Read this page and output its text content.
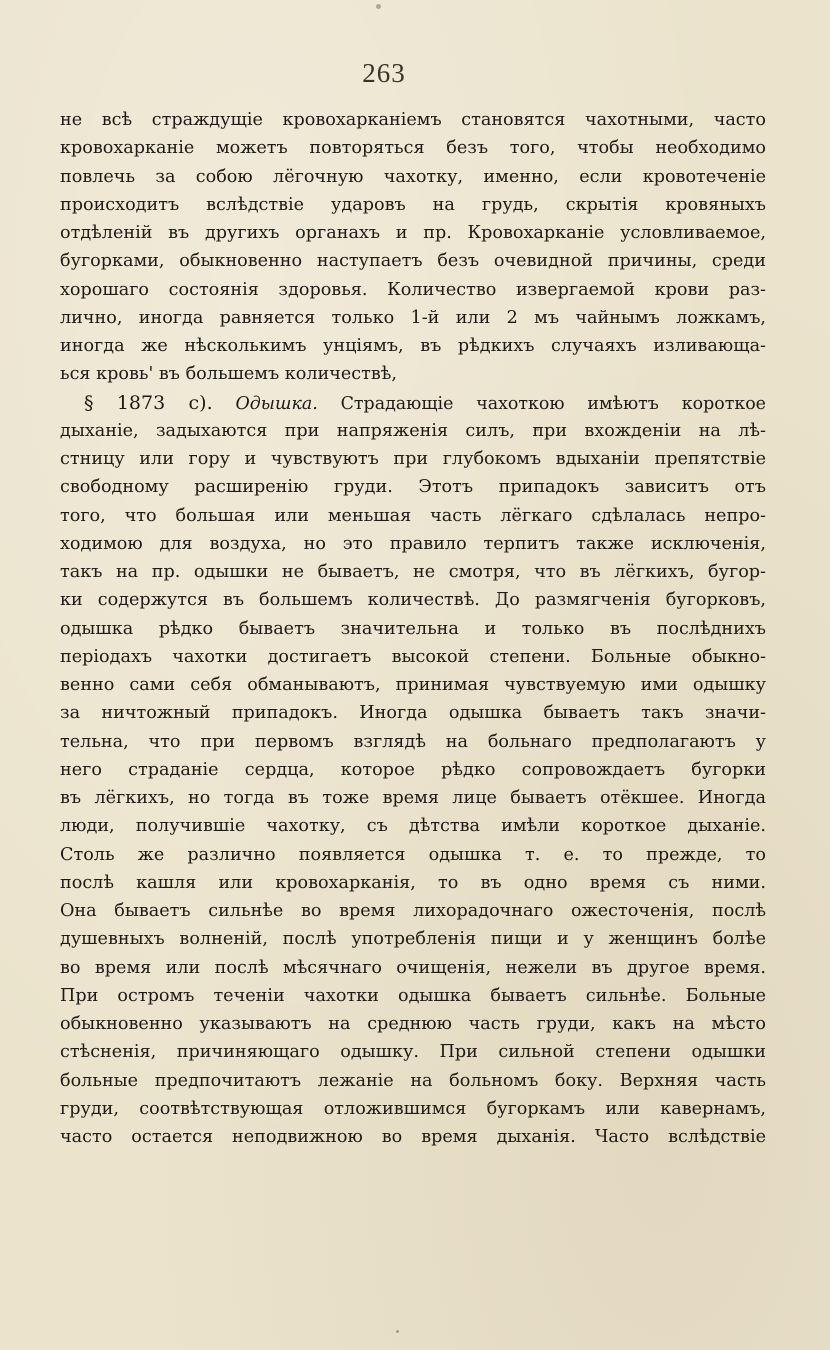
263
не всѣ страждущіе кровохарканіемъ становятся чахотными, часто
кровохарканіе можетъ повторяться безъ того, чтобы необходимо
повлечь за собою лёгочную чахотку, именно, если кровотеченіе
происходитъ вслѣдствіе ударовъ на грудь, скрытія кровяныхъ
отдѣленій въ другихъ органахъ и пр. Кровохарканіе условливаемое,
бугорками, обыкновенно наступаетъ безъ очевидной причины, среди
хорошаго состоянія здоровья. Количество извергаемой крови раз-
лично, иногда равняется только 1-й или 2 мъ чайнымъ ложкамъ,
иногда же нѣсколькимъ унціямъ, въ рѣдкихъ случаяхъ изливающа-
ься кровь' въ большемъ количествѣ,
§ 1873 c). Одышка. Страдающіе чахоткою имѣютъ короткое
дыханіе, задыхаются при напряженія силъ, при вхожденіи на лѣ-
стницу или гору и чувствуютъ при глубокомъ вдыханіи препятствіе
свободному расширенію груди. Этотъ припадокъ зависитъ отъ
того, что большая или меньшая часть лёгкаго сдѣлалась непро-
ходимою для воздуха, но это правило терпитъ также исключенія,
такъ на пр. одышки не бываетъ, не смотря, что въ лёгкихъ, бугор-
ки содержутся въ большемъ количествѣ. До размягченія бугорковъ,
одышка рѣдко бываетъ значительна и только въ послѣднихъ
періодахъ чахотки достигаетъ высокой степени. Больные обыкно-
венно сами себя обманываютъ, принимая чувствуемую ими одышку
за ничтожный припадокъ. Иногда одышка бываетъ такъ значи-
тельна, что при первомъ взглядѣ на больнаго предполагаютъ у
него страданіе сердца, которое рѣдко сопровождаетъ бугорки
въ лёгкихъ, но тогда въ тоже время лице бываетъ отёкшее. Иногда
люди, получившіе чахотку, съ дѣтства имѣли короткое дыханіе.
Столь же различно появляется одышка т. е. то прежде, то
послѣ кашля или кровохарканія, то въ одно время съ ними.
Она бываетъ сильнѣе во время лихорадочнаго ожесточенія, послѣ
душевныхъ волненій, послѣ употребленія пищи и у женщинъ болѣе
во время или послѣ мѣсячнаго очищенія, нежели въ другое время.
При остромъ теченіи чахотки одышка бываетъ сильнѣе. Больные
обыкновенно указываютъ на среднюю часть груди, какъ на мѣсто
стѣсненія, причиняющаго одышку. При сильной степени одышки
больные предпочитаютъ лежаніе на больномъ боку. Верхняя часть
груди, соотвѣтствующая отложившимся бугоркамъ или кавернамъ,
часто остается неподвижною во время дыханія. Часто вслѣдствіе
